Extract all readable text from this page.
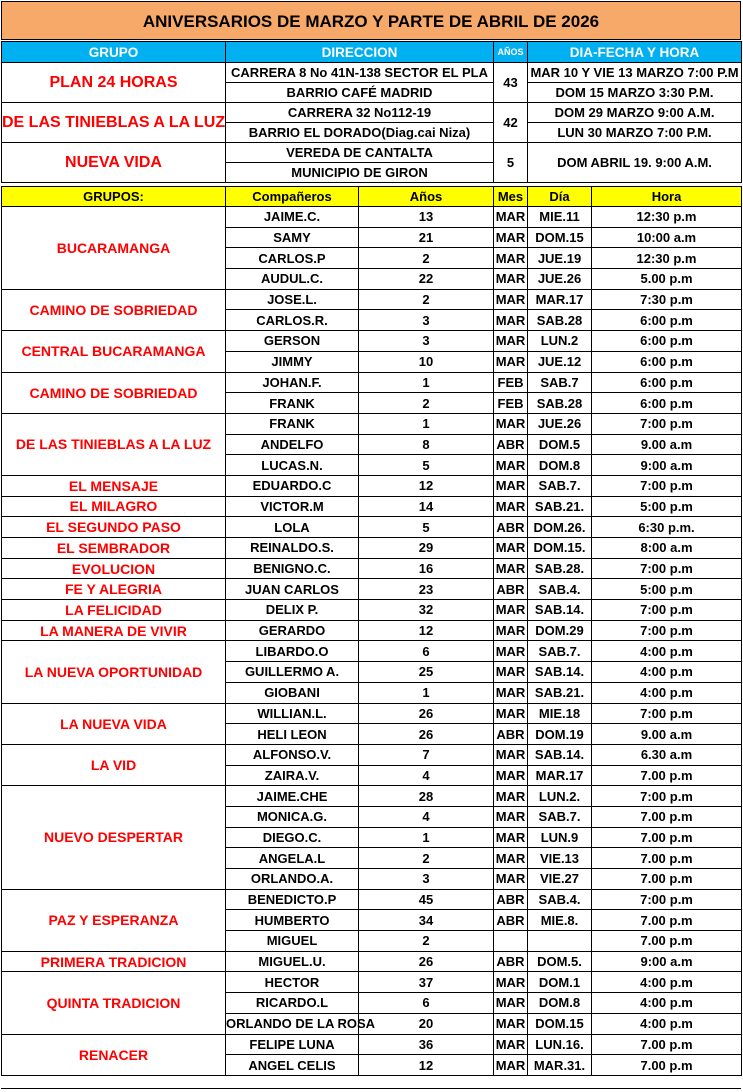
ANIVERSARIOS DE MARZO Y PARTE DE ABRIL DE 2026
GRUPO	DIRECCION	AÑOS	DIA-FECHA Y HORA
PLAN 24 HORAS	CARRERA 8 No 41N-138 SECTOR EL PLA	43	MAR 10 Y VIE 13 MARZO 7:00 P.M
	BARRIO CAFÉ MADRID		DOM 15 MARZO 3:30 P.M.
DE LAS TINIEBLAS A LA LUZ	CARRERA 32 No112-19	42	DOM 29 MARZO 9:00 A.M.
	BARRIO EL DORADO(Diag.cai Niza)		LUN 30 MARZO 7:00 P.M.
NUEVA VIDA	VEREDA DE CANTALTA	5	DOM ABRIL 19. 9:00 A.M.
	MUNICIPIO DE GIRON		
GRUPOS:	Compañeros	Años	Mes	Día	Hora
BUCARAMANGA	JAIME.C.	13	MAR	MIE.11	12:30 p.m
	SAMY	21	MAR	DOM.15	10:00 a.m
	CARLOS.P	2	MAR	JUE.19	12:30 p.m
	AUDUL.C.	22	MAR	JUE.26	5.00 p.m
CAMINO DE SOBRIEDAD	JOSE.L.	2	MAR	MAR.17	7:30 p.m
	CARLOS.R.	3	MAR	SAB.28	6:00 p.m
CENTRAL BUCARAMANGA	GERSON	3	MAR	LUN.2	6:00 p.m
	JIMMY	10	MAR	JUE.12	6:00 p.m
CAMINO DE SOBRIEDAD	JOHAN.F.	1	FEB	SAB.7	6:00 p.m
	FRANK	2	FEB	SAB.28	6:00 p.m
DE LAS TINIEBLAS A LA LUZ	FRANK	1	MAR	JUE.26	7:00 p.m
	ANDELFO	8	ABR	DOM.5	9.00 a.m
	LUCAS.N.	5	MAR	DOM.8	9:00 a.m
EL MENSAJE	EDUARDO.C	12	MAR	SAB.7.	7:00 p.m
EL MILAGRO	VICTOR.M	14	MAR	SAB.21.	5:00 p.m
EL SEGUNDO PASO	LOLA	5	ABR	DOM.26.	6:30 p.m.
EL SEMBRADOR	REINALDO.S.	29	MAR	DOM.15.	8:00 a.m
EVOLUCION	BENIGNO.C.	16	MAR	SAB.28.	7:00 p.m
FE Y ALEGRIA	JUAN CARLOS	23	ABR	SAB.4.	5:00 p.m
LA FELICIDAD	DELIX P.	32	MAR	SAB.14.	7:00 p.m
LA MANERA DE VIVIR	GERARDO	12	MAR	DOM.29	7:00 p.m
LA NUEVA OPORTUNIDAD	LIBARDO.O	6	MAR	SAB.7.	4:00 p.m
	GUILLERMO A.	25	MAR	SAB.14.	4:00 p.m
	GIOBANI	1	MAR	SAB.21.	4:00 p.m
LA NUEVA VIDA	WILLIAN.L.	26	MAR	MIE.18	7:00 p.m
	HELI LEON	26	ABR	DOM.19	9.00 a.m
LA VID	ALFONSO.V.	7	MAR	SAB.14.	6.30 a.m
	ZAIRA.V.	4	MAR	MAR.17	7.00 p.m
NUEVO DESPERTAR	JAIME.CHE	28	MAR	LUN.2.	7:00 p.m
	MONICA.G.	4	MAR	SAB.7.	7.00 p.m
	DIEGO.C.	1	MAR	LUN.9	7.00 p.m
	ANGELA.L	2	MAR	VIE.13	7.00 p.m
	ORLANDO.A.	3	MAR	VIE.27	7.00 p.m
PAZ Y ESPERANZA	BENEDICTO.P	45	ABR	SAB.4.	7:00 p.m
	HUMBERTO	34	ABR	MIE.8.	7.00 p.m
	MIGUEL	2			7.00 p.m
PRIMERA TRADICION	MIGUEL.U.	26	ABR	DOM.5.	9:00 a.m
QUINTA TRADICION	HECTOR	37	MAR	DOM.1	4:00 p.m
	RICARDO.L	6	MAR	DOM.8	4:00 p.m
	ORLANDO DE LA ROSA	20	MAR	DOM.15	4:00 p.m
RENACER	FELIPE LUNA	36	MAR	LUN.16.	7.00 p.m
	ANGEL CELIS	12	MAR	MAR.31.	7.00 p.m
